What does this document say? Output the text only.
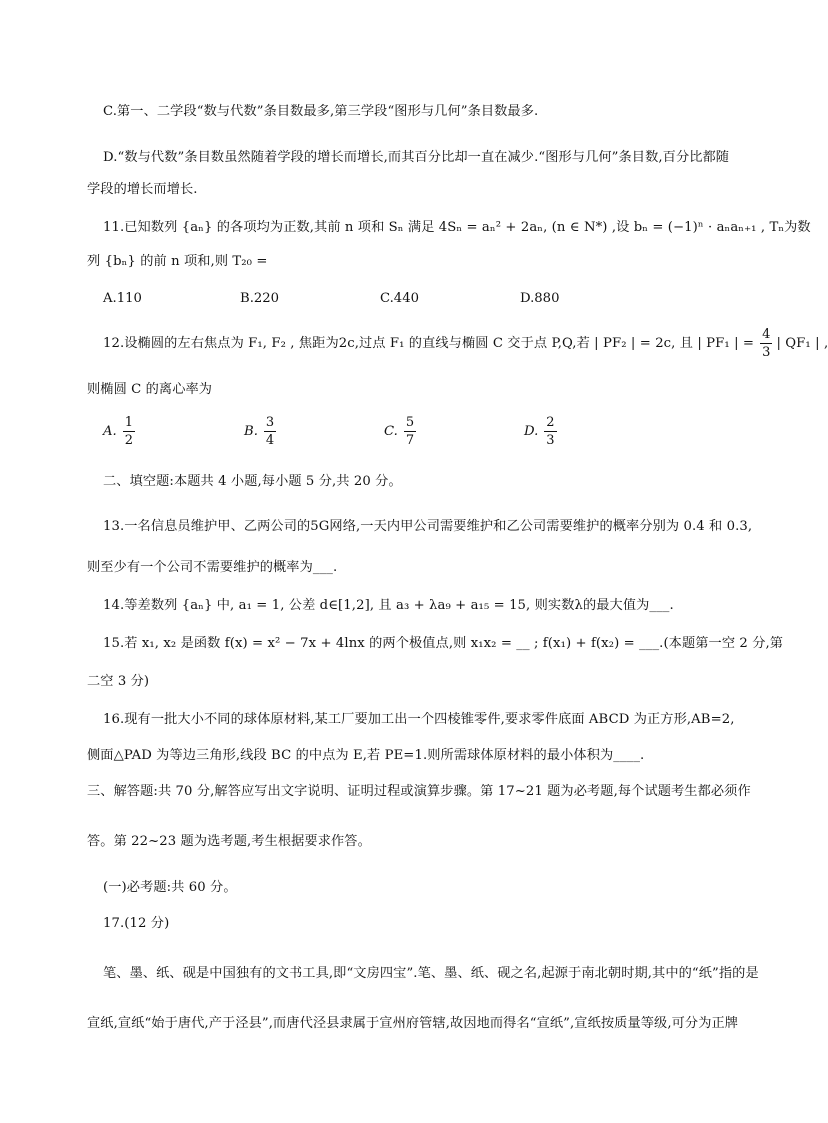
C.第一、二学段“数与代数”条目数最多,第三学段“图形与几何”条目数最多.
D.“数与代数”条目数虽然随着学段的增长而增长,而其百分比却一直在减少.“图形与几何”条目数,百分比都随
学段的增长而增长.
11.已知数列 {aₙ} 的各项均为正数,其前 n 项和 Sₙ 满足 4Sₙ = aₙ² + 2aₙ, (n ∈ N*) ,设 bₙ = (−1)ⁿ · aₙaₙ₊₁ , Tₙ为数
列 {bₙ} 的前 n 项和,则 T₂₀ =
A.110	B.220	C.440	D.880
12.设椭圆的左右焦点为 F₁, F₂ , 焦距为2c,过点 F₁ 的直线与椭圆 C 交于点 P,Q,若 | PF₂ | = 2c, 且 | PF₁ | = $\frac{4}{3}$ | QF₁ | ,
则椭圆 C 的离心率为
A. $\frac{1}{2}$	B. $\frac{3}{4}$	C. $\frac{5}{7}$	D. $\frac{2}{3}$
二、填空题:本题共 4 小题,每小题 5 分,共 20 分。
13.一名信息员维护甲、乙两公司的5G网络,一天内甲公司需要维护和乙公司需要维护的概率分别为 0.4 和 0.3,
则至少有一个公司不需要维护的概率为___.
14.等差数列 {aₙ} 中, a₁ = 1, 公差 d∈[1,2], 且 a₃ + λa₉ + a₁₅ = 15, 则实数λ的最大值为___.
15.若 x₁, x₂ 是函数 f(x) = x² − 7x + 4lnx 的两个极值点,则 x₁x₂ = __ ; f(x₁) + f(x₂) = ___.(本题第一空 2 分,第
二空 3 分)
16.现有一批大小不同的球体原材料,某工厂要加工出一个四棱锥零件,要求零件底面 ABCD 为正方形,AB=2,
侧面△PAD 为等边三角形,线段 BC 的中点为 E,若 PE=1.则所需球体原材料的最小体积为____.
三、解答题:共 70 分,解答应写出文字说明、证明过程或演算步骤。第 17~21 题为必考题,每个试题考生都必须作
答。第 22~23 题为选考题,考生根据要求作答。
(一)必考题:共 60 分。
17.(12 分)
笔、墨、纸、砚是中国独有的文书工具,即“文房四宝”.笔、墨、纸、砚之名,起源于南北朝时期,其中的“纸”指的是
宣纸,宣纸“始于唐代,产于泾县”,而唐代泾县隶属于宣州府管辖,故因地而得名“宣纸”,宣纸按质量等级,可分为正牌
